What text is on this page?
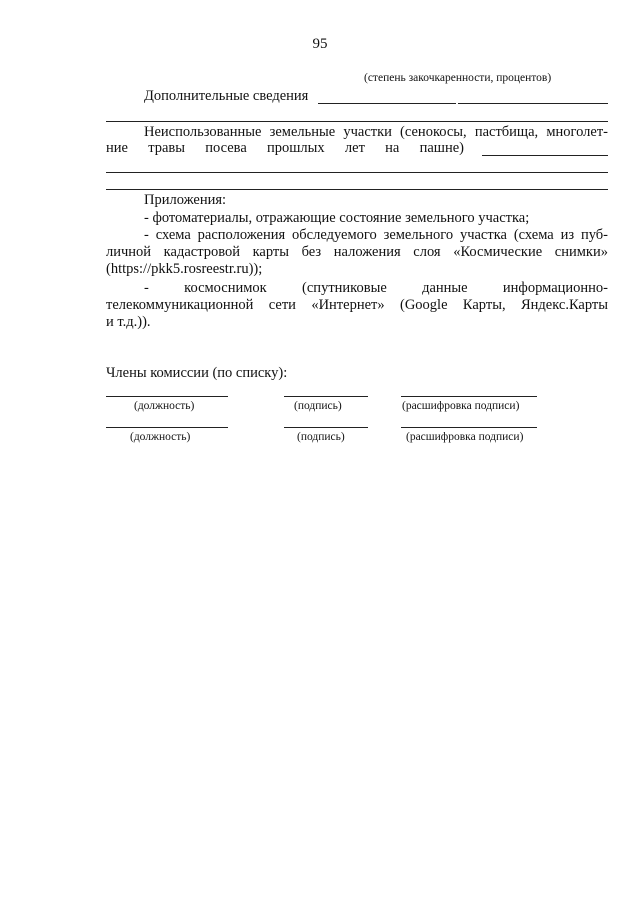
95
(степень закочкаренности, процентов)
Дополнительные сведения
Неиспользованные земельные участки (сенокосы, пастбища, многолет-
ние травы посева прошлых лет на пашне)
Приложения:
- фотоматериалы, отражающие состояние земельного участка;
- схема расположения обследуемого земельного участка (схема из пуб-
личной кадастровой карты без наложения слоя «Космические снимки»
(https://pkk5.rosreestr.ru));
- космоснимок (спутниковые данные информационно-
телекоммуникационной сети «Интернет» (Google Карты, Яндекс.Карты
и т.д.)).
Члены комиссии (по списку):
(должность)	(подпись)	(расшифровка подписи)
(должность)	(подпись)	(расшифровка подписи)
